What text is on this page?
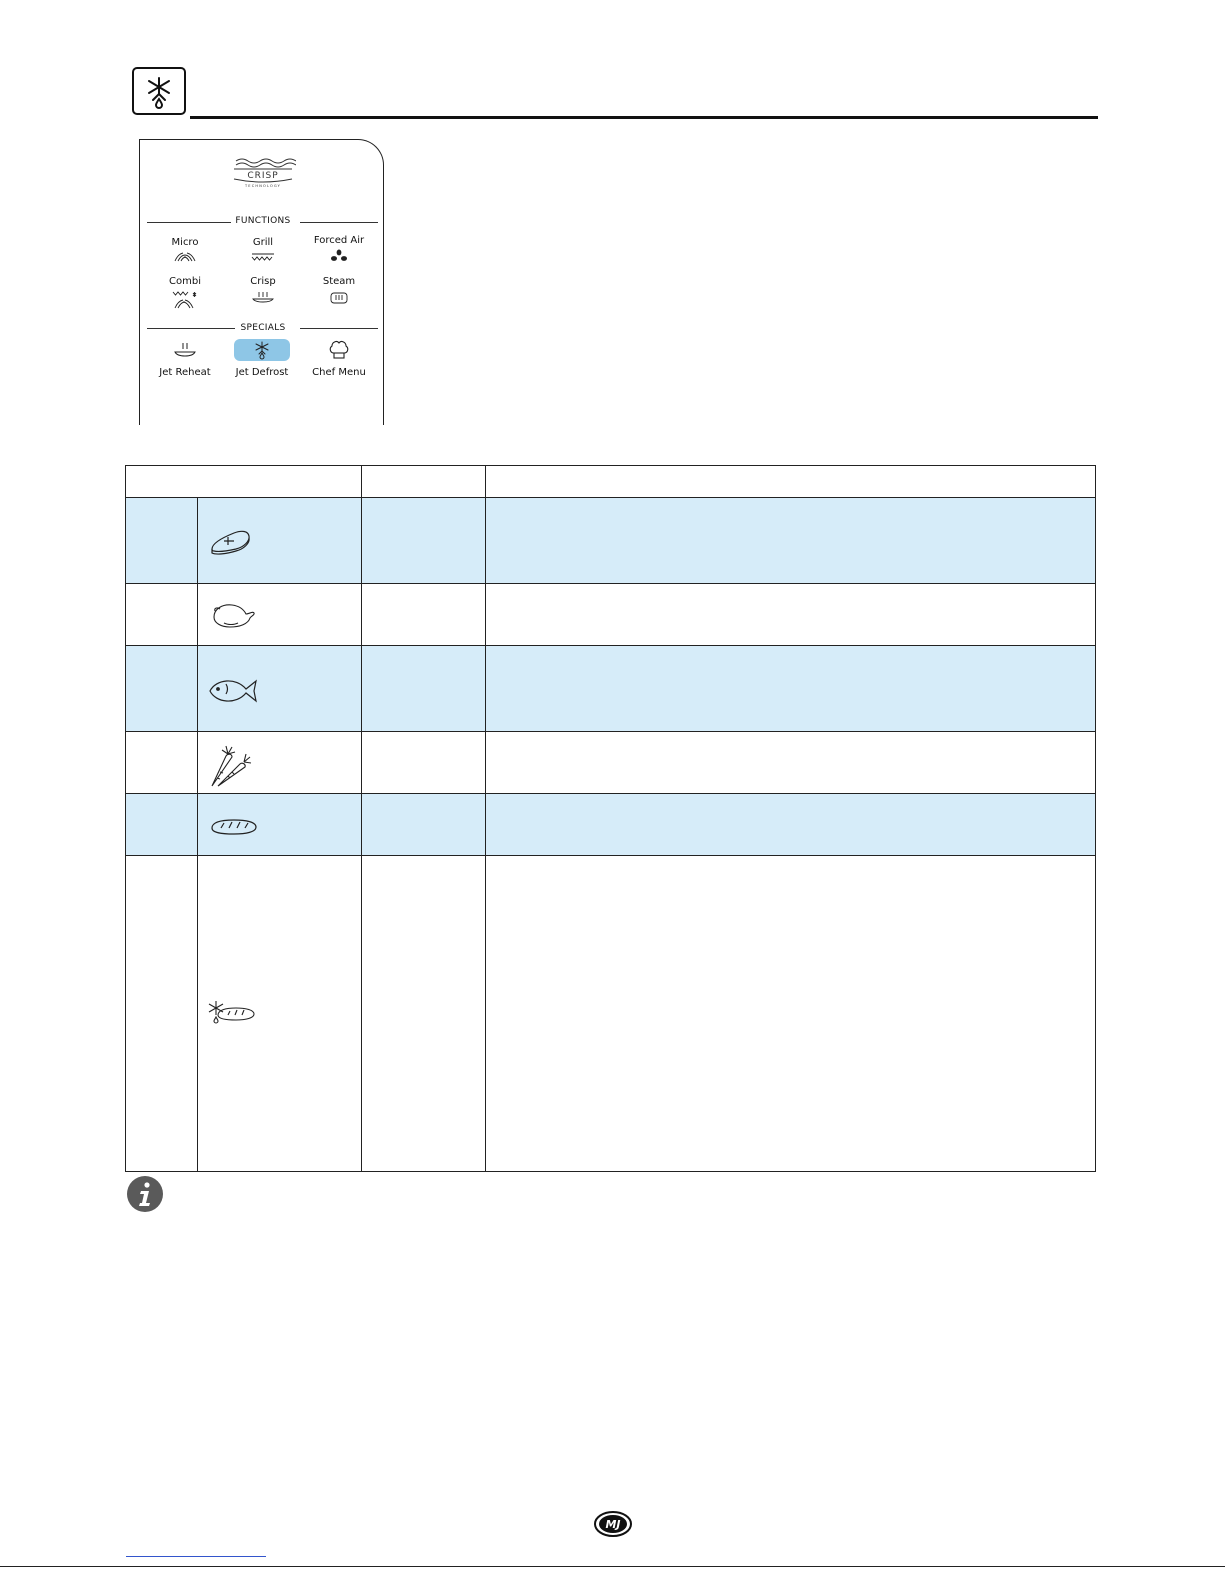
CRISP
TECHNOLOGY
FUNCTIONS
Micro	Grill	Forced Air
Combi	Crisp	Steam
SPECIALS
Jet Reheat	Jet Defrost	Chef Menu

MJ
